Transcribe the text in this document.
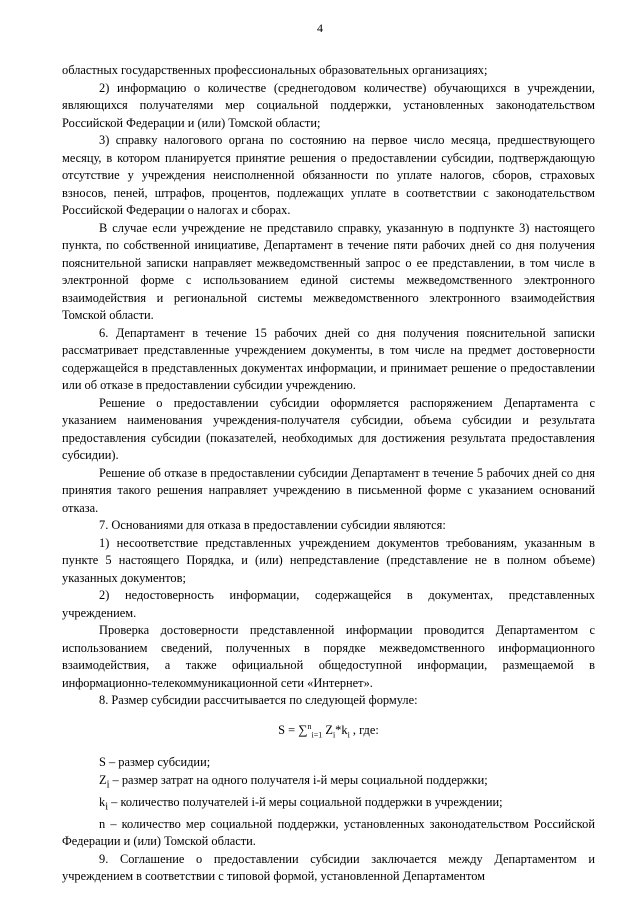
4

областных государственных профессиональных образовательных организациях;

2) информацию о количестве (среднегодовом количестве) обучающихся в учреждении, являющихся получателями мер социальной поддержки, установленных законодательством Российской Федерации и (или) Томской области;

3) справку налогового органа по состоянию на первое число месяца, предшествующего месяцу, в котором планируется принятие решения о предоставлении субсидии, подтверждающую отсутствие у учреждения неисполненной обязанности по уплате налогов, сборов, страховых взносов, пеней, штрафов, процентов, подлежащих уплате в соответствии с законодательством Российской Федерации о налогах и сборах.

В случае если учреждение не представило справку, указанную в подпункте 3) настоящего пункта, по собственной инициативе, Департамент в течение пяти рабочих дней со дня получения пояснительной записки направляет межведомственный запрос о ее представлении, в том числе в электронной форме с использованием единой системы межведомственного электронного взаимодействия и региональной системы межведомственного электронного взаимодействия Томской области.

6. Департамент в течение 15 рабочих дней со дня получения пояснительной записки рассматривает представленные учреждением документы, в том числе на предмет достоверности содержащейся в представленных документах информации, и принимает решение о предоставлении или об отказе в предоставлении субсидии учреждению.

Решение о предоставлении субсидии оформляется распоряжением Департамента с указанием наименования учреждения-получателя субсидии, объема субсидии и результата предоставления субсидии (показателей, необходимых для достижения результата предоставления субсидии).

Решение об отказе в предоставлении субсидии Департамент в течение 5 рабочих дней со дня принятия такого решения направляет учреждению в письменной форме с указанием оснований отказа.

7. Основаниями для отказа в предоставлении субсидии являются:

1) несоответствие представленных учреждением документов требованиям, указанным в пункте 5 настоящего Порядка, и (или) непредставление (представление не в полном объеме) указанных документов;

2) недостоверность информации, содержащейся в документах, представленных учреждением.

Проверка достоверности представленной информации проводится Департаментом с использованием сведений, полученных в порядке межведомственного информационного взаимодействия, а также официальной общедоступной информации, размещаемой в информационно-телекоммуникационной сети «Интернет».

8. Размер субсидии рассчитывается по следующей формуле:

S = ∑$^n_{i=1}$ $Z_i*k_i$ , где:

S – размер субсидии;

$Z_i$ – размер затрат на одного получателя i-й меры социальной поддержки;

$k_i$ – количество получателей i-й меры социальной поддержки в учреждении;

n – количество мер социальной поддержки, установленных законодательством Российской Федерации и (или) Томской области.

9. Соглашение о предоставлении субсидии заключается между Департаментом и учреждением в соответствии с типовой формой, установленной Департаментом
